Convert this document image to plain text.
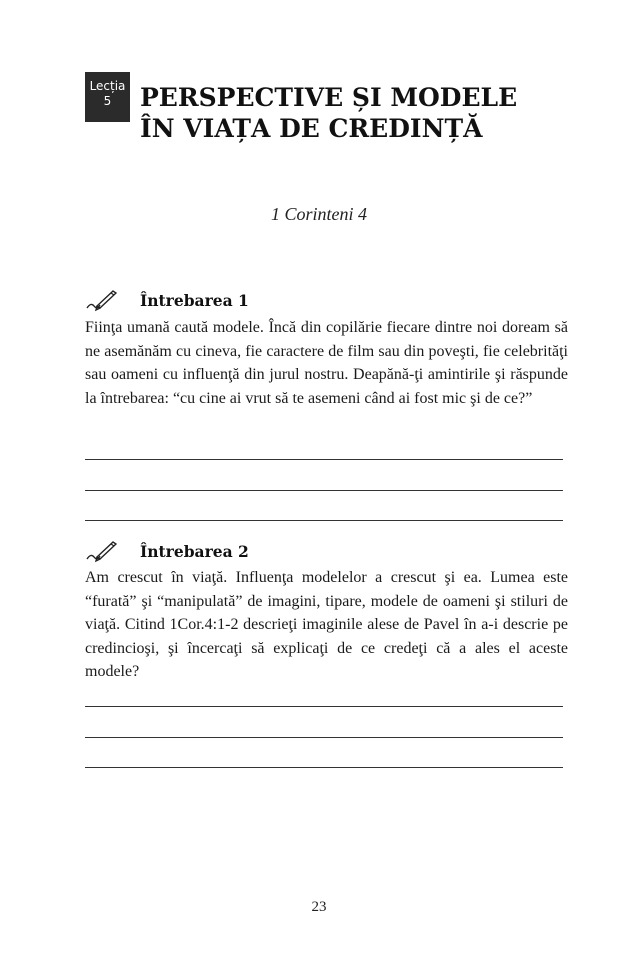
Lecția
5	PERSPECTIVE ȘI MODELE
ÎN VIAȚA DE CREDINȚĂ
1 Corinteni 4
Întrebarea 1
Fiinţa umană caută modele. Încă din copilărie fiecare dintre noi doream să ne asemănăm cu cineva, fie caractere de film sau din poveşti, fie celebrităţi sau oameni cu influenţă din jurul nostru. Deapănă-ţi amintirile şi răspunde la întrebarea: “cu cine ai vrut să te asemeni când ai fost mic şi de ce?”
Întrebarea 2
Am crescut în viaţă. Influenţa modelelor a crescut şi ea. Lumea este “furată” şi “manipulată” de imagini, tipare, modele de oameni şi stiluri de viaţă. Citind 1Cor.4:1-2 descrieţi imaginile alese de Pavel în a-i descrie pe credincioşi, şi încercaţi să explicaţi de ce credeţi că a ales el aceste modele?
23
